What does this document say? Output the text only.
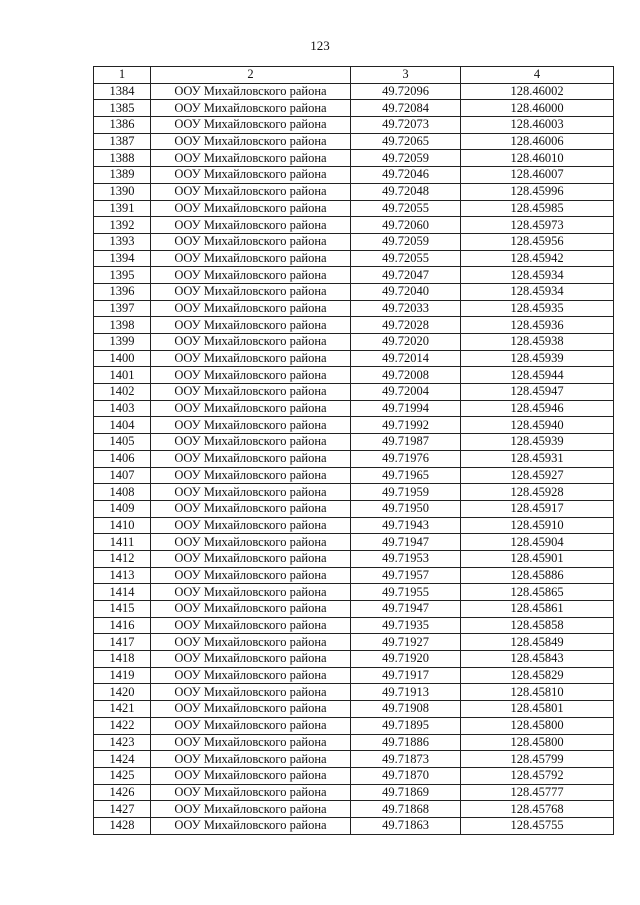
123
1	2	3	4
1384	ООУ Михайловского района	49.72096	128.46002
1385	ООУ Михайловского района	49.72084	128.46000
1386	ООУ Михайловского района	49.72073	128.46003
1387	ООУ Михайловского района	49.72065	128.46006
1388	ООУ Михайловского района	49.72059	128.46010
1389	ООУ Михайловского района	49.72046	128.46007
1390	ООУ Михайловского района	49.72048	128.45996
1391	ООУ Михайловского района	49.72055	128.45985
1392	ООУ Михайловского района	49.72060	128.45973
1393	ООУ Михайловского района	49.72059	128.45956
1394	ООУ Михайловского района	49.72055	128.45942
1395	ООУ Михайловского района	49.72047	128.45934
1396	ООУ Михайловского района	49.72040	128.45934
1397	ООУ Михайловского района	49.72033	128.45935
1398	ООУ Михайловского района	49.72028	128.45936
1399	ООУ Михайловского района	49.72020	128.45938
1400	ООУ Михайловского района	49.72014	128.45939
1401	ООУ Михайловского района	49.72008	128.45944
1402	ООУ Михайловского района	49.72004	128.45947
1403	ООУ Михайловского района	49.71994	128.45946
1404	ООУ Михайловского района	49.71992	128.45940
1405	ООУ Михайловского района	49.71987	128.45939
1406	ООУ Михайловского района	49.71976	128.45931
1407	ООУ Михайловского района	49.71965	128.45927
1408	ООУ Михайловского района	49.71959	128.45928
1409	ООУ Михайловского района	49.71950	128.45917
1410	ООУ Михайловского района	49.71943	128.45910
1411	ООУ Михайловского района	49.71947	128.45904
1412	ООУ Михайловского района	49.71953	128.45901
1413	ООУ Михайловского района	49.71957	128.45886
1414	ООУ Михайловского района	49.71955	128.45865
1415	ООУ Михайловского района	49.71947	128.45861
1416	ООУ Михайловского района	49.71935	128.45858
1417	ООУ Михайловского района	49.71927	128.45849
1418	ООУ Михайловского района	49.71920	128.45843
1419	ООУ Михайловского района	49.71917	128.45829
1420	ООУ Михайловского района	49.71913	128.45810
1421	ООУ Михайловского района	49.71908	128.45801
1422	ООУ Михайловского района	49.71895	128.45800
1423	ООУ Михайловского района	49.71886	128.45800
1424	ООУ Михайловского района	49.71873	128.45799
1425	ООУ Михайловского района	49.71870	128.45792
1426	ООУ Михайловского района	49.71869	128.45777
1427	ООУ Михайловского района	49.71868	128.45768
1428	ООУ Михайловского района	49.71863	128.45755
